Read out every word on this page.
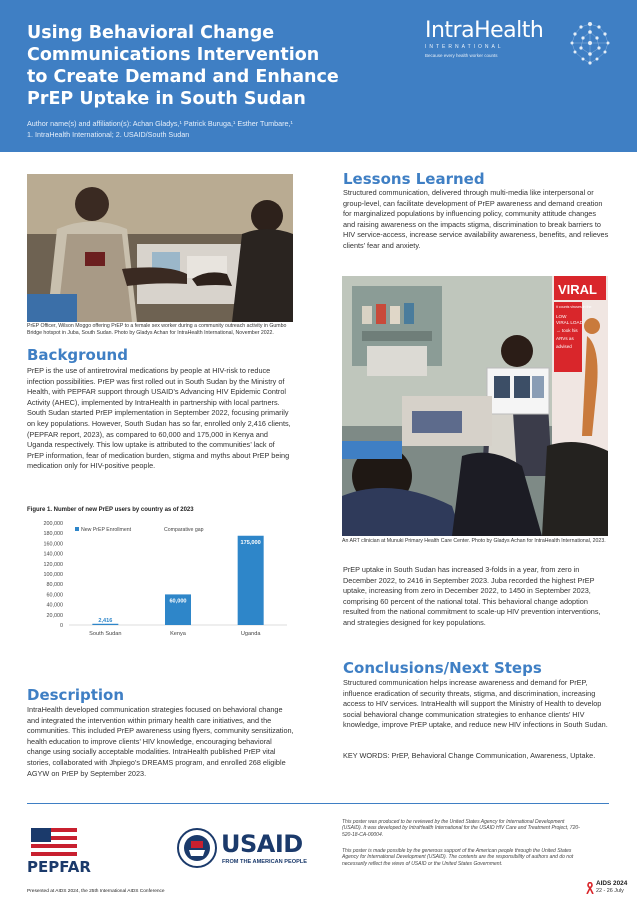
Using Behavioral Change
Communications Intervention
to Create Demand and Enhance
PrEP Uptake in South Sudan
Author name(s) and affiliation(s): Achan Gladys,¹ Patrick Buruga,¹ Esther Tumbare,¹
1. IntraHealth International; 2. USAID/South Sudan
IntraHealth
INTERNATIONAL
Because every health worker counts
PrEP Officer, Wilson Moggo offering PrEP to a female sex worker during a community outreach activity in Gumbo Bridge hotspot in Juba, South Sudan. Photo by Gladys Achan for IntraHealth International, November 2022.
Background
PrEP is the use of antiretroviral medications by people at HIV-risk to reduce infection possibilities. PrEP was first rolled out in South Sudan by the Ministry of Health, with PEPFAR support through USAID’s Advancing HIV Epidemic Control Activity (AHEC), implemented by IntraHealth in partnership with local partners. South Sudan started PrEP implementation in September 2022, focusing primarily on key populations. However, South Sudan has so far, enrolled only 2,416 clients, (PEPFAR report, 2023), as compared to 60,000 and 175,000 in Kenya and Uganda respectively. This low uptake is attributed to the communities’ lack of PrEP information, fear of medication burden, stigma and myths about PrEP being medication only for HIV-positive people.
Figure 1. Number of new PrEP users by country as of 2023
0
20,000
40,000
60,000
80,000
100,000
120,000
140,000
160,000
180,000
200,000
2,416
South Sudan
60,000
Kenya
175,000
Uganda
New PrEP Enrollment	Comparative gap
Description
IntraHealth developed communication strategies focused on behavioral change and integrated the intervention within primary health care initiatives, and the communities. This included PrEP awareness using flyers, community sensitization, health education to improve clients’ HIV knowledge, encouraging behavioral change using socially acceptable modalities. IntraHealth published PrEP vital stories, collaborated with Jhpiego’s DREAMS program, and enrolled 268 eligible AGYW on PrEP by September 2023.
Lessons Learned
Structured communication, delivered through multi-media like interpersonal or group-level, can facilitate development of PrEP awareness and demand creation for marginalized populations by influencing policy, community attitude changes and raising awareness on the impacts stigma, discrimination to break barriers to HIV service-access, increase service availability awareness, benefits, and relieves clients’ fear and anxiety.
VIRAL
it counts viruses in the
LOW
VIRAL LOAD
→ took his
ARVs as
advised
An ART clinician at Munuki Primary Health Care Center. Photo by Gladys Achan for IntraHealth International, 2023.
PrEP uptake in South Sudan has increased 3-folds in a year, from zero in December 2022, to 2416 in September 2023. Juba recorded the highest PrEP uptake, increasing from zero in December 2022, to 1450 in September 2023, comprising 60 percent of the national total. This behavioral change adoption resulted from the national commitment to scale-up HIV prevention interventions, and strategies designed for key populations.
Conclusions/Next Steps
Structured communication helps increase awareness and demand for PrEP, influence eradication of security threats, stigma, and discrimination, increasing access to HIV services. IntraHealth will support the Ministry of Health to develop social behavioral change communication strategies to enhance clients’ HIV knowledge, improve PrEP uptake, and reduce new HIV infections in South Sudan.
KEY WORDS: PrEP, Behavioral Change Communication, Awareness, Uptake.
PEPFAR
USAID
FROM THE AMERICAN PEOPLE
This poster was produced to be reviewed by the United States Agency for International Development (USAID). It was developed by IntraHealth International for the USAID HIV Care and Treatment Project, 720-520-18-CA-00004.
This poster is made possible by the generous support of the American people through the United States Agency for International Development (USAID). The contents are the responsibility of authors and do not necessarily reflect the views of USAID or the United States Government.
Presented at AIDS 2024, the 25th International AIDS Conference
AIDS 2024
22 - 26 July
